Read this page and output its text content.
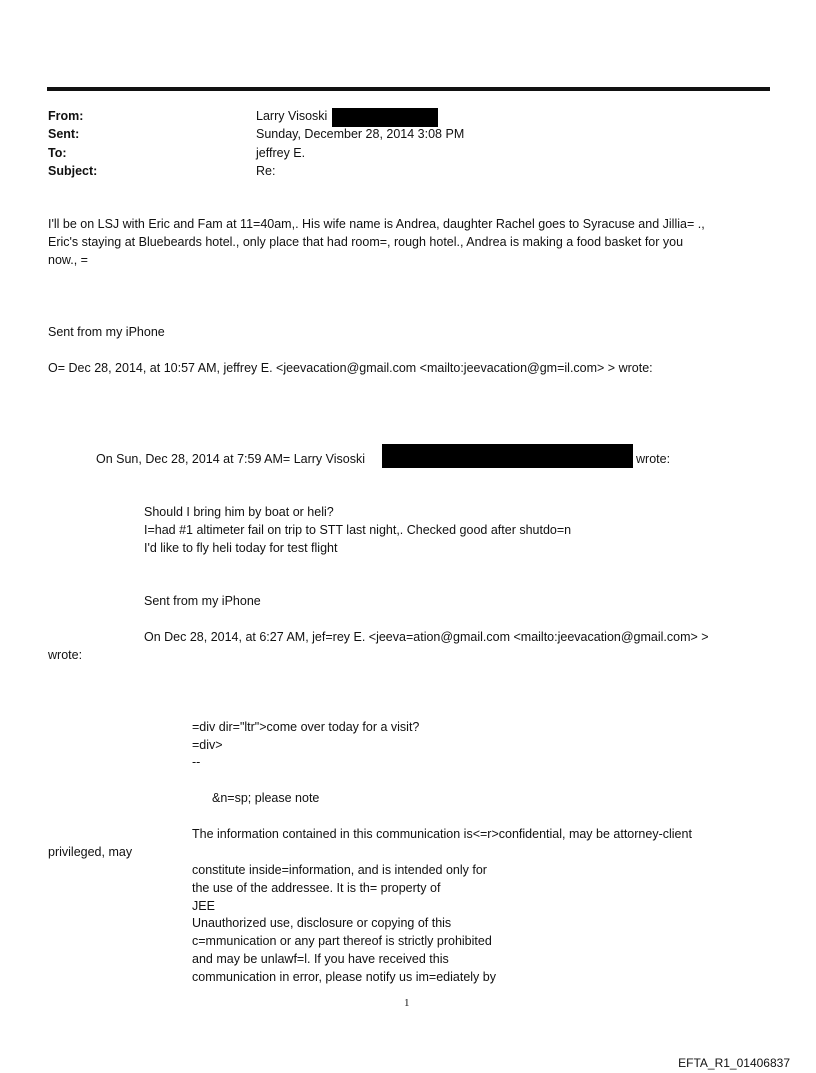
From:	Larry Visoski
Sent:	Sunday, December 28, 2014 3:08 PM
To:	jeffrey E.
Subject:	Re:
I'll be on LSJ with Eric and Fam at 11=40am,. His wife name is Andrea, daughter Rachel goes to Syracuse and Jillia= .,
Eric's staying at Bluebeards hotel., only place that had room=, rough hotel., Andrea is making a food basket for you
now., =
Sent from my iPhone
O= Dec 28, 2014, at 10:57 AM, jeffrey E. <jeevacation@gmail.com <mailto:jeevacation@gm=il.com> > wrote:
On Sun, Dec 28, 2014 at 7:59 AM= Larry Visoski	wrote:
Should I bring him by boat or heli?
I=had #1 altimeter fail on trip to STT last night,. Checked good after shutdo=n
I'd like to fly heli today for test flight
Sent from my iPhone
On Dec 28, 2014, at 6:27 AM, jef=rey E. <jeeva=ation@gmail.com <mailto:jeevacation@gmail.com> >
wrote:
=div dir="ltr">come over today for a visit?
=div>
--
&n=sp; please note
The information contained in this communication is<=r>confidential, may be attorney-client
privileged, may
constitute inside=information, and is intended only for
the use of the addressee. It is th= property of
JEE
Unauthorized use, disclosure or copying of this
c=mmunication or any part thereof is strictly prohibited
and may be unlawf=l. If you have received this
communication in error, please notify us im=ediately by
1
EFTA_R1_01406837
